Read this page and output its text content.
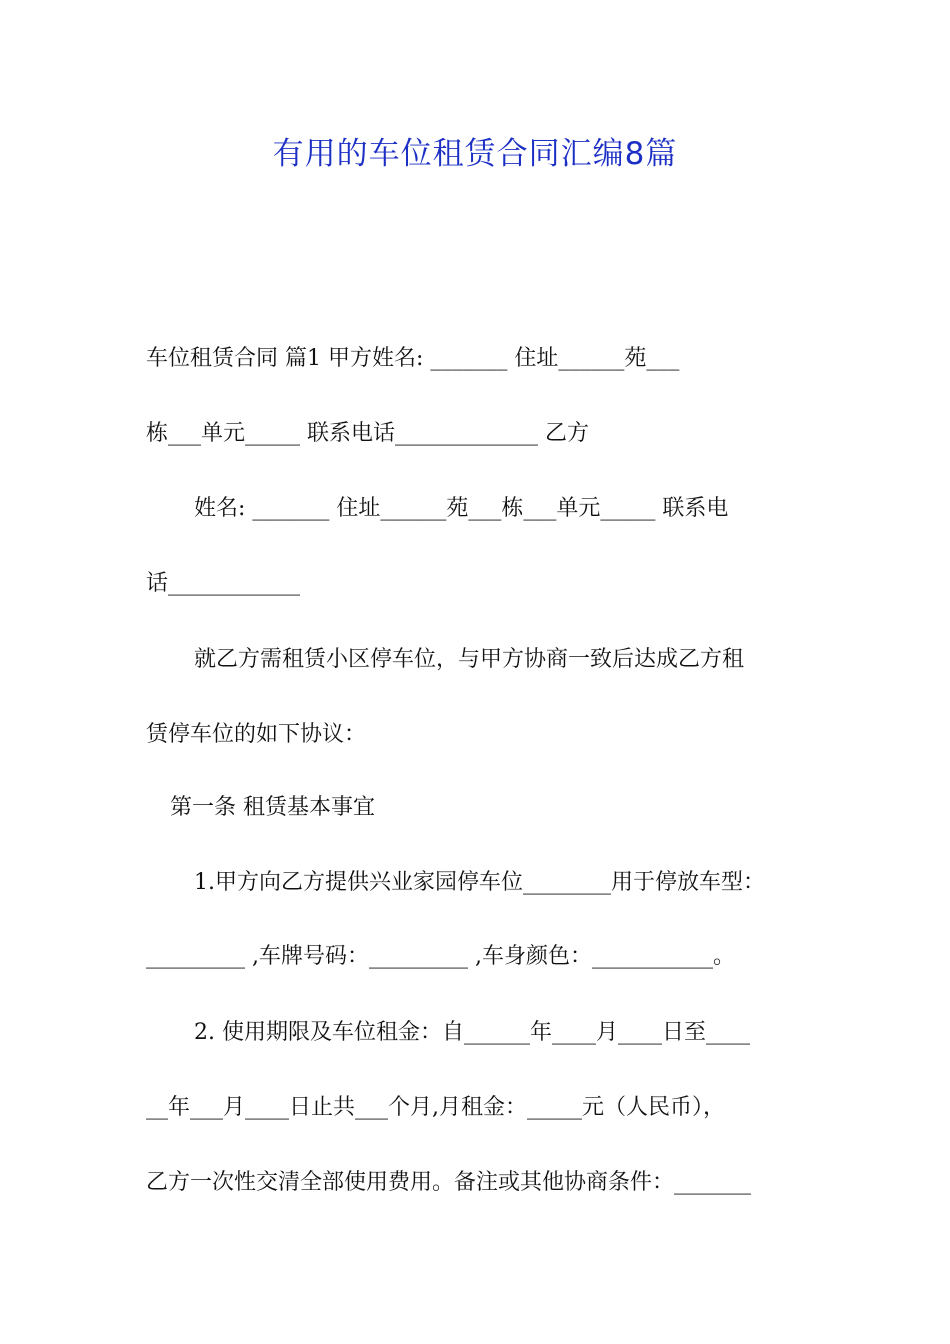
有用的车位租赁合同汇编8篇
车位租赁合同 篇1 甲方姓名: _______ 住址______苑___
栋___单元_____ 联系电话_____________ 乙方
姓名: _______ 住址______苑___栋___单元_____ 联系电
话____________
就乙方需租赁小区停车位，与甲方协商一致后达成乙方租
赁停车位的如下协议：
第一条 租赁基本事宜
1.甲方向乙方提供兴业家园停车位________用于停放车型：
_________ ,车牌号码：_________ ,车身颜色：___________。
2. 使用期限及车位租金：自______年____月____日至____
__年___月____日止共___个月,月租金：_____元（人民币），
乙方一次性交清全部使用费用。备注或其他协商条件：_______
